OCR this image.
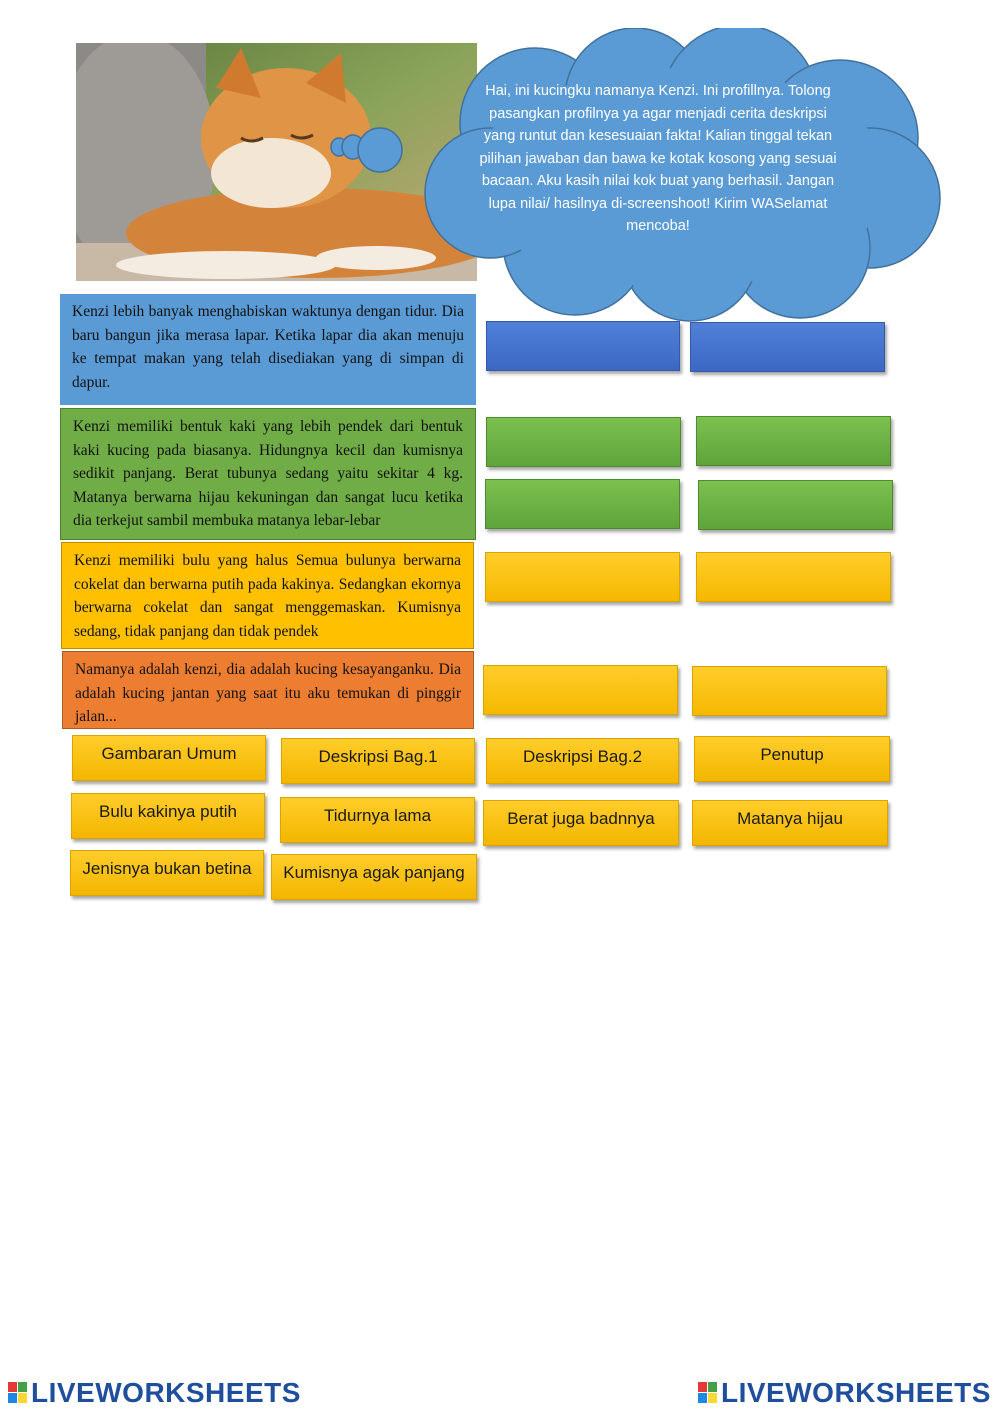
Hai, ini kucingku namanya Kenzi. Ini profillnya. Tolong pasangkan profilnya ya agar menjadi cerita deskripsi yang runtut dan kesesuaian fakta! Kalian tinggal tekan pilihan jawaban dan bawa ke kotak kosong yang sesuai bacaan. Aku kasih nilai kok buat yang berhasil. Jangan lupa nilai/ hasilnya di-screenshoot! Kirim WASelamat mencoba!
Kenzi lebih banyak menghabiskan waktunya dengan tidur. Dia baru bangun jika merasa lapar. Ketika lapar dia akan menuju ke tempat makan yang telah disediakan yang di simpan di dapur.
Kenzi memiliki bentuk kaki yang lebih pendek dari bentuk kaki kucing pada biasanya. Hidungnya kecil dan kumisnya sedikit panjang. Berat tubunya sedang yaitu sekitar 4 kg. Matanya berwarna hijau kekuningan dan sangat lucu ketika dia terkejut sambil membuka matanya lebar-lebar
Kenzi memiliki bulu yang halus Semua bulunya berwarna cokelat dan berwarna putih pada kakinya. Sedangkan ekornya berwarna cokelat dan sangat menggemaskan. Kumisnya sedang, tidak panjang dan tidak pendek
Namanya adalah kenzi, dia adalah kucing kesayanganku. Dia adalah kucing jantan yang saat itu aku temukan di pinggir jalan...
Gambaran Umum	Deskripsi Bag.1	Deskripsi Bag.2	Penutup
Bulu kakinya putih	Tidurnya lama	Berat juga badnnya	Matanya hijau
Jenisnya bukan betina	Kumisnya agak panjang
LIVEWORKSHEETS	LIVEWORKSHEETS
